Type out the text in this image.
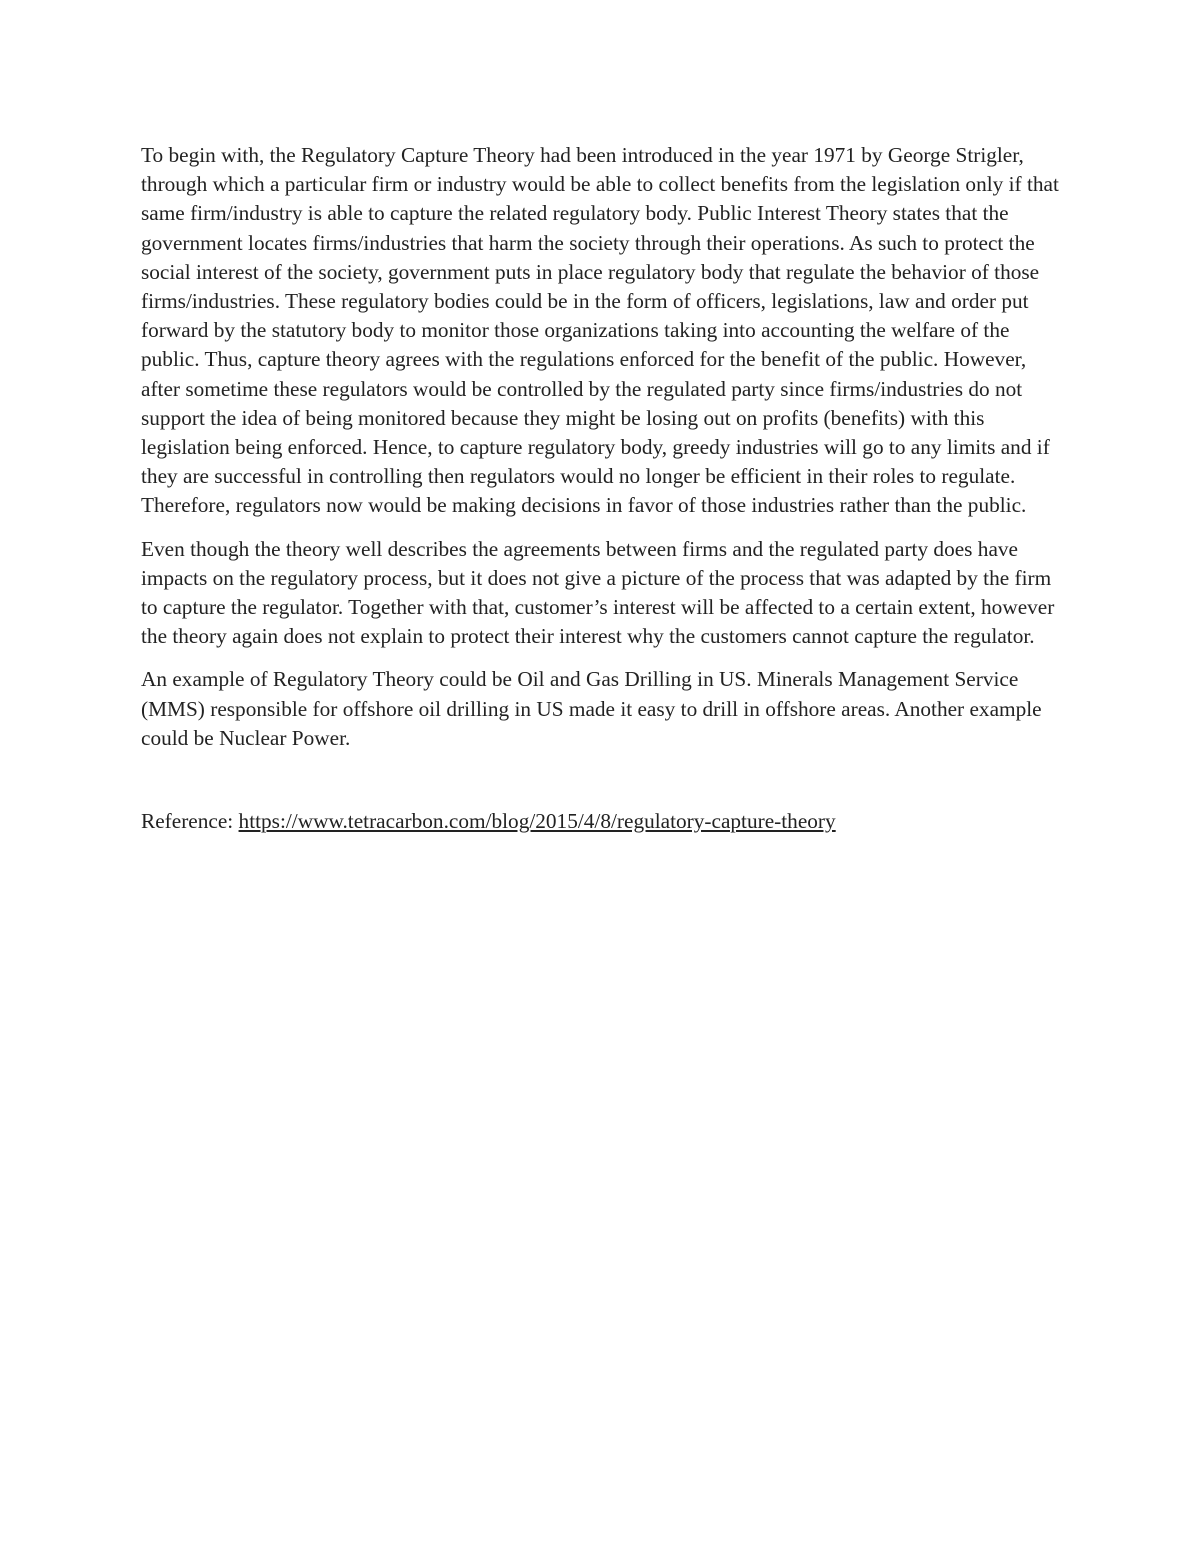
To begin with, the Regulatory Capture Theory had been introduced in the year 1971 by George Strigler, through which a particular firm or industry would be able to collect benefits from the legislation only if that same firm/industry is able to capture the related regulatory body. Public Interest Theory states that the government locates firms/industries that harm the society through their operations. As such to protect the social interest of the society, government puts in place regulatory body that regulate the behavior of those firms/industries. These regulatory bodies could be in the form of officers, legislations, law and order put forward by the statutory body to monitor those organizations taking into accounting the welfare of the public. Thus, capture theory agrees with the regulations enforced for the benefit of the public. However, after sometime these regulators would be controlled by the regulated party since firms/industries do not support the idea of being monitored because they might be losing out on profits (benefits) with this legislation being enforced. Hence, to capture regulatory body, greedy industries will go to any limits and if they are successful in controlling then regulators would no longer be efficient in their roles to regulate. Therefore, regulators now would be making decisions in favor of those industries rather than the public.

Even though the theory well describes the agreements between firms and the regulated party does have impacts on the regulatory process, but it does not give a picture of the process that was adapted by the firm to capture the regulator. Together with that, customer’s interest will be affected to a certain extent, however the theory again does not explain to protect their interest why the customers cannot capture the regulator.

An example of Regulatory Theory could be Oil and Gas Drilling in US. Minerals Management Service (MMS) responsible for offshore oil drilling in US made it easy to drill in offshore areas. Another example could be Nuclear Power.

Reference: https://www.tetracarbon.com/blog/2015/4/8/regulatory-capture-theory
